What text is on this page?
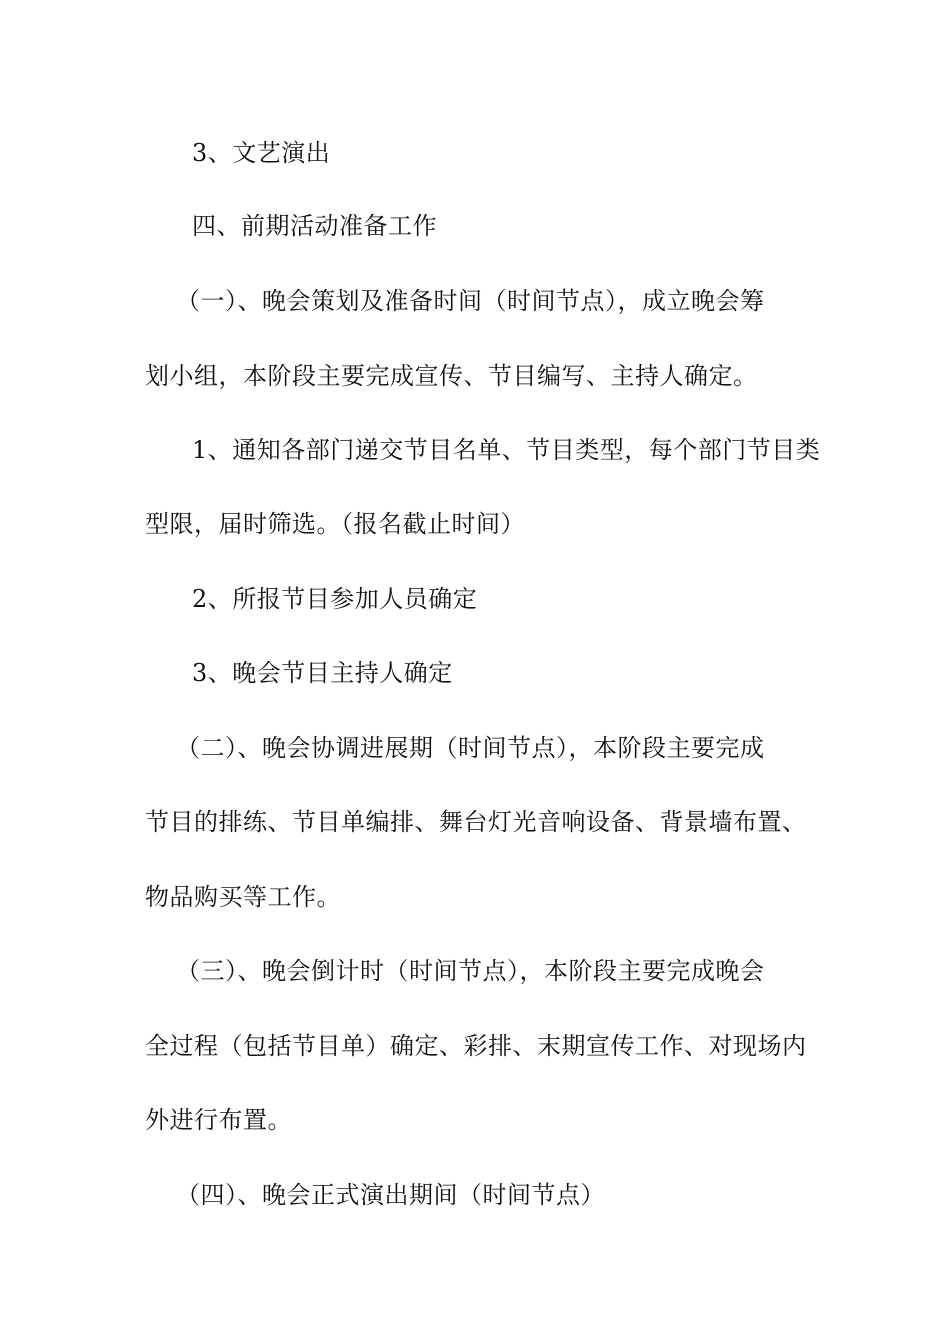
3、文艺演出
四、前期活动准备工作
（一）、晚会策划及准备时间（时间节点），成立晚会筹
划小组，本阶段主要完成宣传、节目编写、主持人确定。
1、通知各部门递交节目名单、节目类型，每个部门节目类
型限，届时筛选。（报名截止时间）
2、所报节目参加人员确定
3、晚会节目主持人确定
（二）、晚会协调进展期（时间节点），本阶段主要完成
节目的排练、节目单编排、舞台灯光音响设备、背景墙布置、
物品购买等工作。
（三）、晚会倒计时（时间节点），本阶段主要完成晚会
全过程（包括节目单）确定、彩排、末期宣传工作、对现场内
外进行布置。
（四）、晚会正式演出期间（时间节点）
